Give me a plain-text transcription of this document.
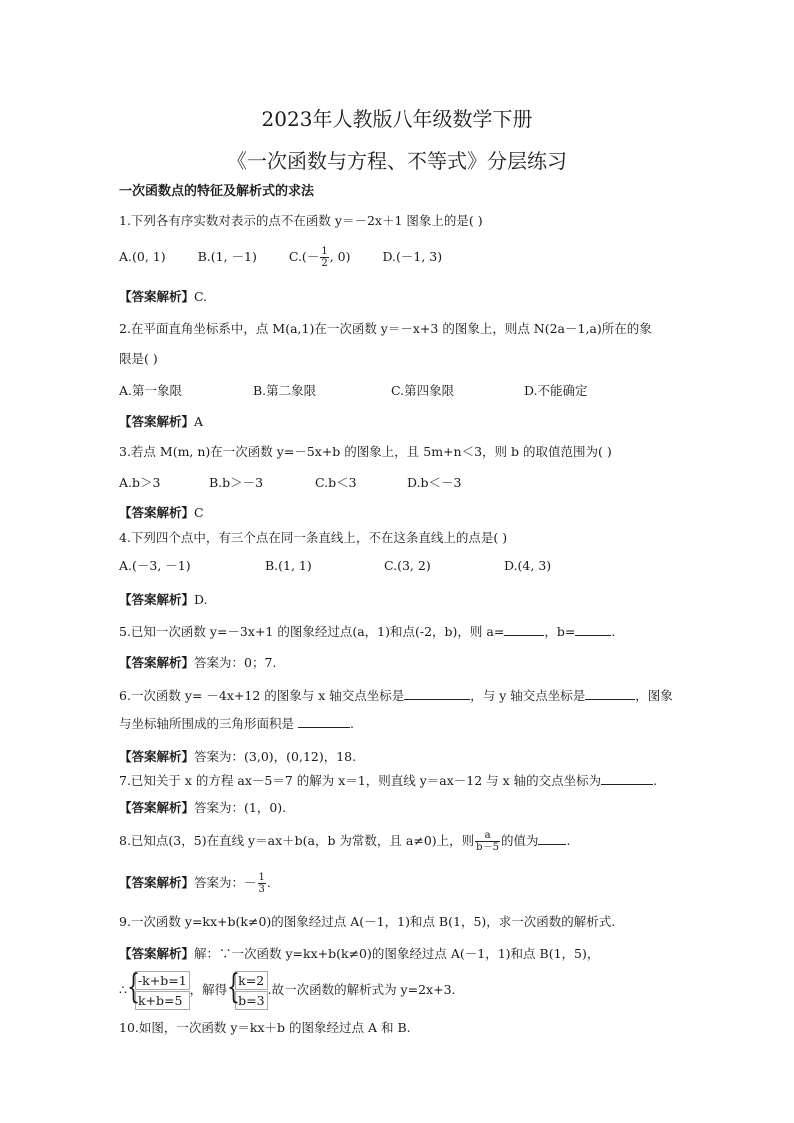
2023年人教版八年级数学下册
《一次函数与方程、不等式》分层练习
一次函数点的特征及解析式的求法
1.下列各有序实数对表示的点不在函数 y＝－2x＋1 图象上的是( )
A.(0, 1)	B.(1, －1)	$C.(- \frac{1}{2}$ , 0)	D.(－1, 3)
【答案解析】C.
2.在平面直角坐标系中，点 M(a,1)在一次函数 y＝－x+3 的图象上，则点 N(2a－1,a)所在的象
限是( )
A.第一象限	B.第二象限	C.第四象限	D.不能确定
【答案解析】A
3.若点 M(m, n)在一次函数 y=－5x+b 的图象上，且 5m+n＜3，则 b 的取值范围为( )
A.b＞3	B.b＞－3	C.b＜3	D.b＜－3
【答案解析】C
4.下列四个点中，有三个点在同一条直线上，不在这条直线上的点是( )
A.(－3, －1)	B.(1, 1)	C.(3, 2)	D.(4, 3)
【答案解析】D.
5.已知一次函数 y=－3x+1 的图象经过点(a，1)和点(-2，b)，则 a=	，b=	.
【答案解析】答案为：0；7.
6.一次函数 y= －4x+12 的图象与 x 轴交点坐标是	，与 y 轴交点坐标是	，图象
与坐标轴所围成的三角形面积是	.
【答案解析】答案为：(3,0)，(0,12)，18.
7.已知关于 x 的方程 ax－5＝7 的解为 x＝1，则直线 y＝ax－12 与 x 轴的交点坐标为	.
【答案解析】答案为：(1，0).
8.已知点(3，5)在直线 y＝ax＋b(a，b 为常数，且 a≠0)上，则 $\frac{a}{b-5}$ 的值为 .
【答案解析】答案为：－ $\frac{1}{3}$ .
9.一次函数 y=kx+b(k≠0)的图象经过点 A(－1，1)和点 B(1，5)，求一次函数的解析式.
【答案解析】解：∵一次函数 y=kx+b(k≠0)的图象经过点 A(－1，1)和点 B(1，5)，
∴ {
-k+b=1
k+b=5
，解得 {
k=2
b=3
.故一次函数的解析式为 y=2x+3.
10.如图，一次函数 y＝kx＋b 的图象经过点 A 和 B.
